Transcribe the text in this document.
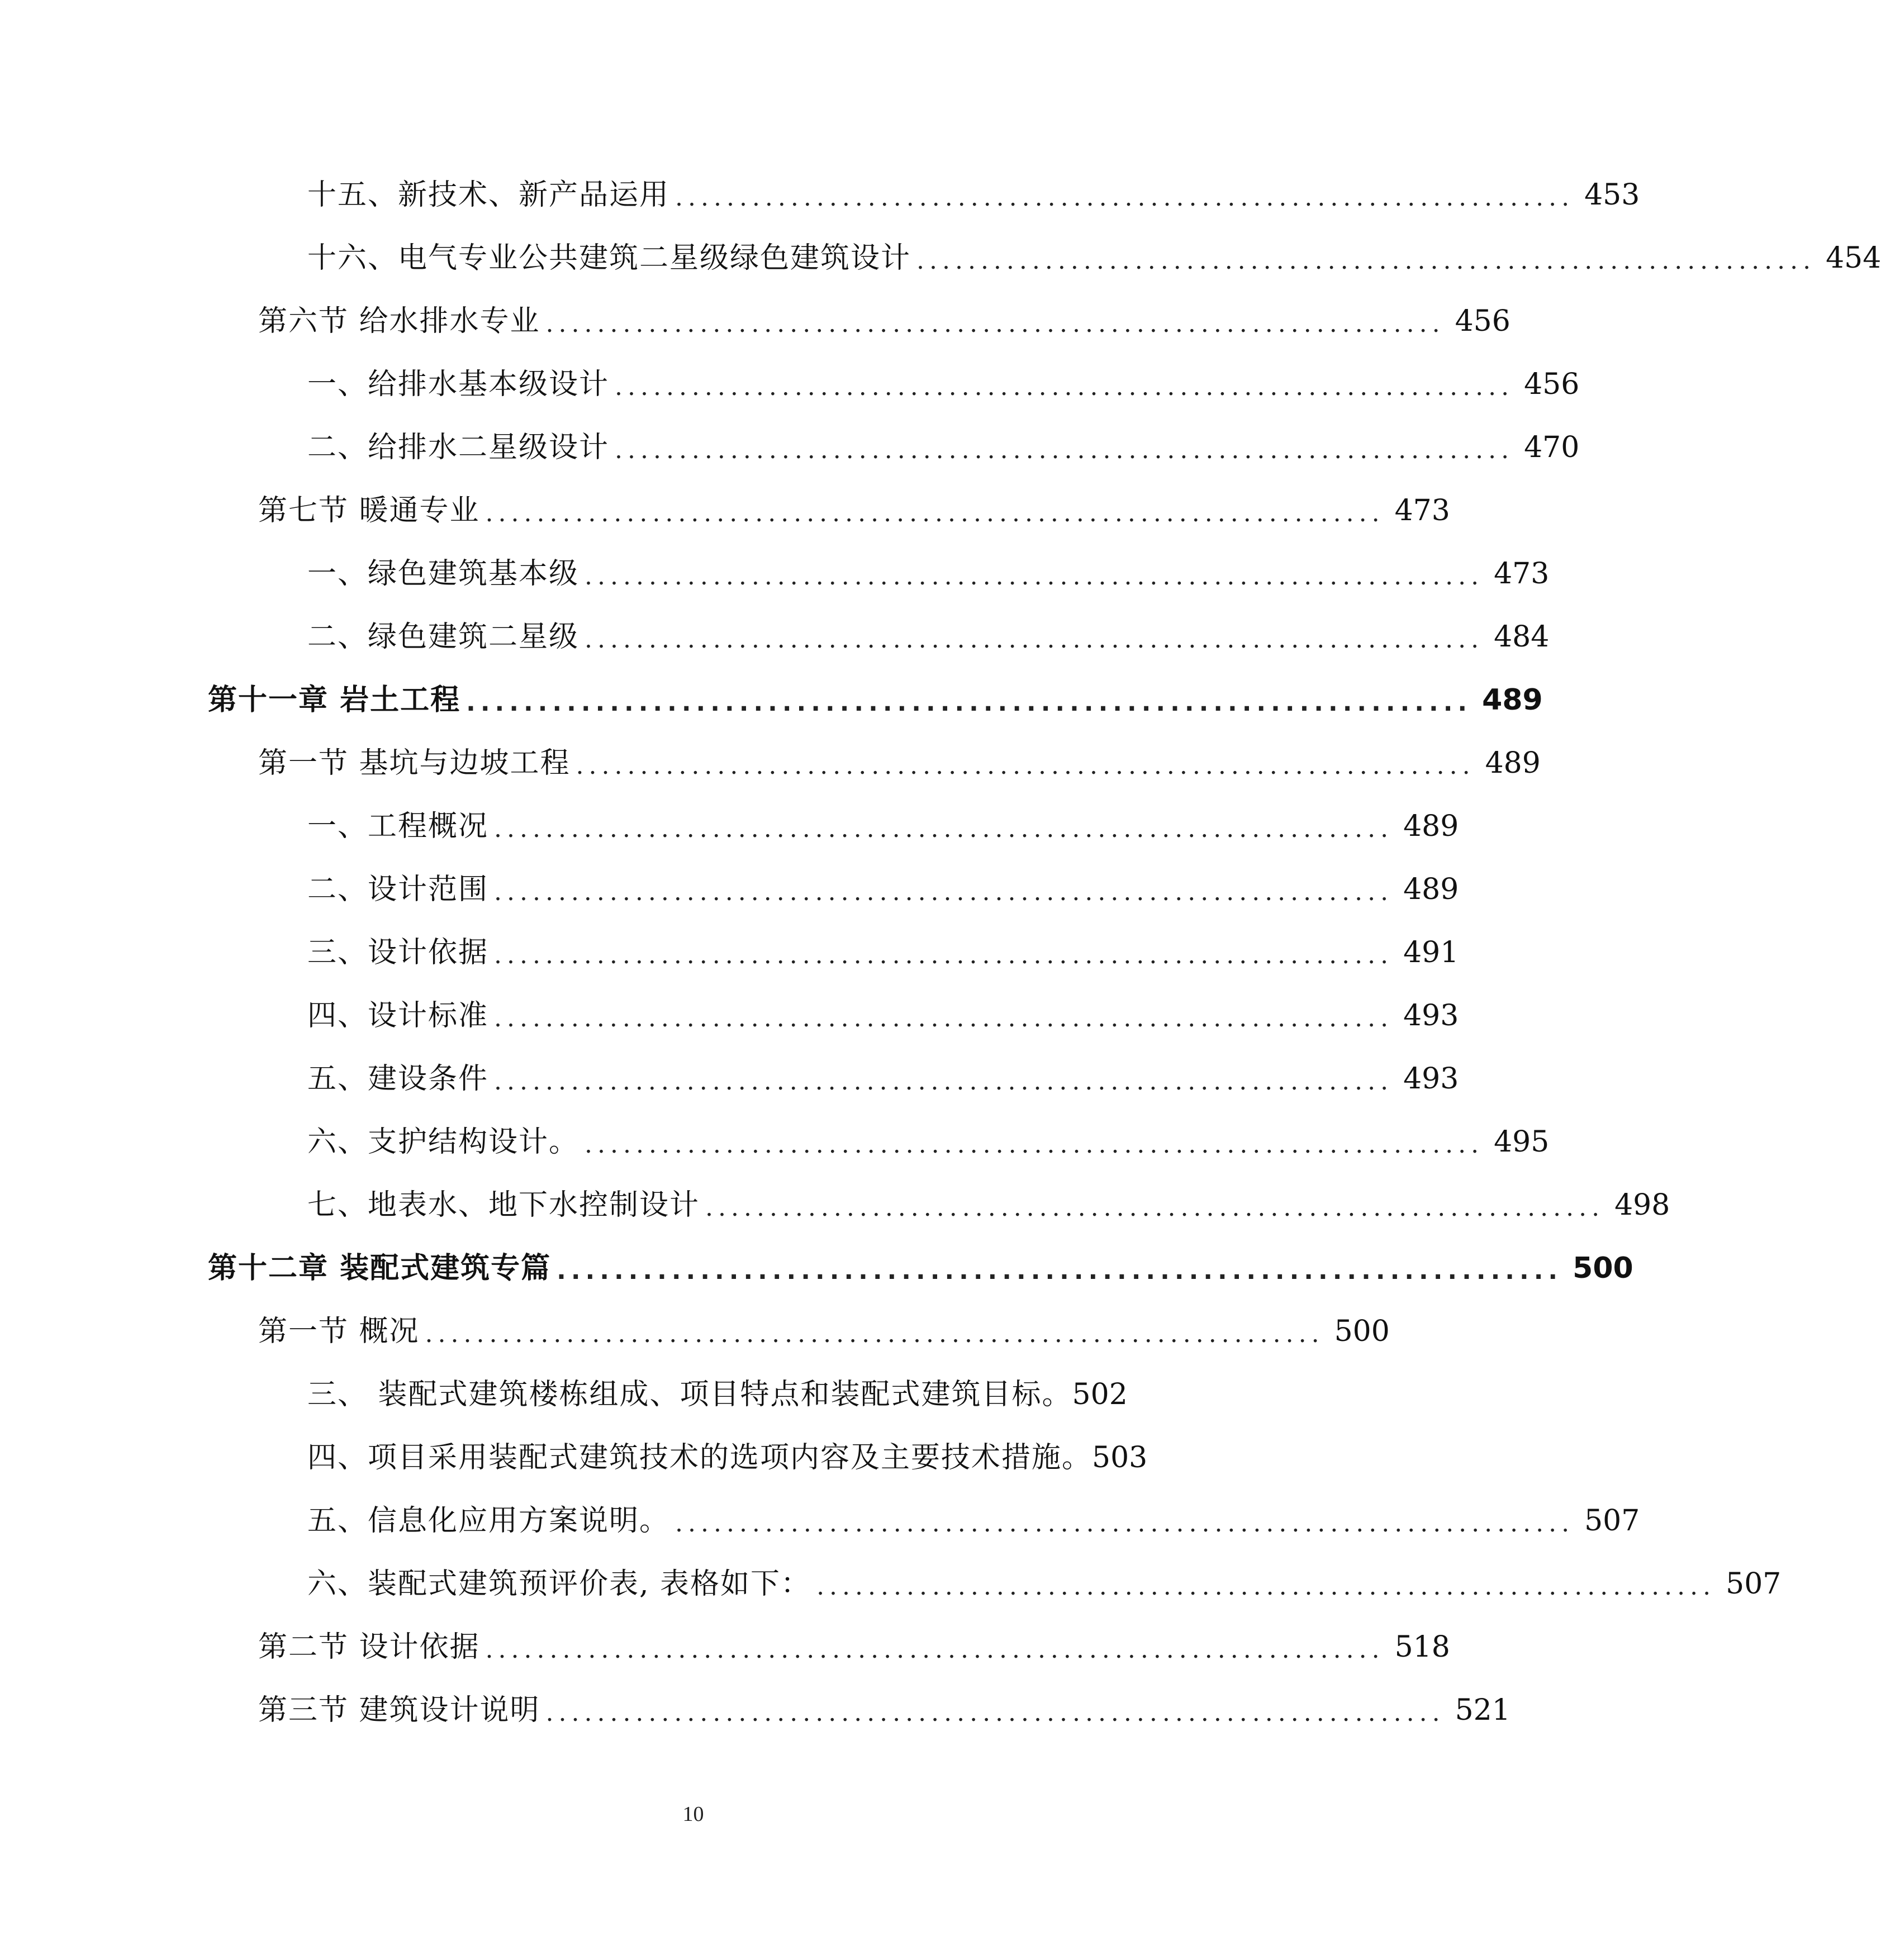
十五、新技术、新产品运用 ...................................................................... 453
十六、电气专业公共建筑二星级绿色建筑设计 ...................................................................... 454
第六节 给水排水专业 ...................................................................... 456
一、给排水基本级设计 ...................................................................... 456
二、给排水二星级设计 ...................................................................... 470
第七节 暖通专业 ...................................................................... 473
一、绿色建筑基本级 ...................................................................... 473
二、绿色建筑二星级 ...................................................................... 484
第十一章 岩土工程 ...................................................................... 489
第一节 基坑与边坡工程 ...................................................................... 489
一、工程概况 ...................................................................... 489
二、设计范围 ...................................................................... 489
三、设计依据 ...................................................................... 491
四、设计标准 ...................................................................... 493
五、建设条件 ...................................................................... 493
六、支护结构设计。 ...................................................................... 495
七、地表水、地下水控制设计 ...................................................................... 498
第十二章 装配式建筑专篇 ...................................................................... 500
第一节 概况 ...................................................................... 500
三、 装配式建筑楼栋组成、项目特点和装配式建筑目标。 502
四、项目采用装配式建筑技术的选项内容及主要技术措施。 503
五、信息化应用方案说明。 ...................................................................... 507
六、装配式建筑预评价表, 表格如下： ...................................................................... 507
第二节 设计依据 ...................................................................... 518
第三节 建筑设计说明 ...................................................................... 521
10
